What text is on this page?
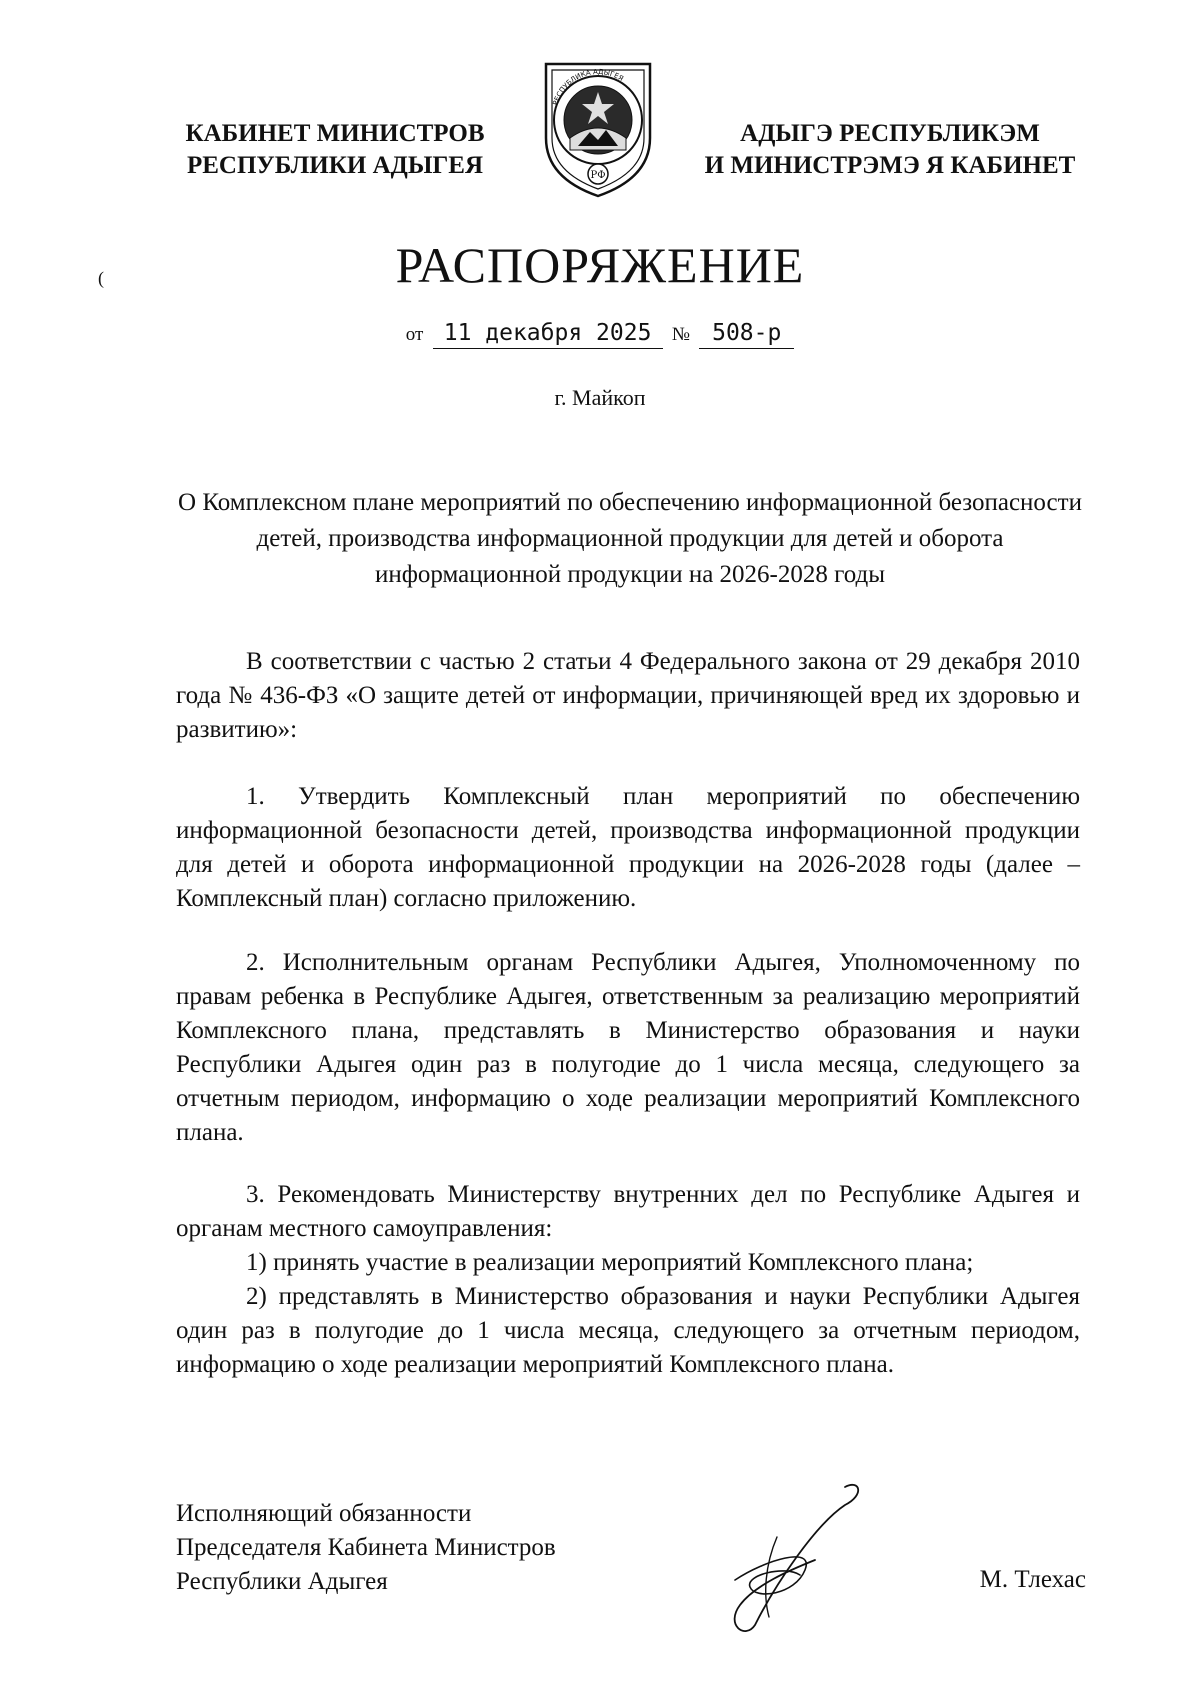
КАБИНЕТ МИНИСТРОВ
РЕСПУБЛИКИ АДЫГЕЯ
РЕСПУБЛИКА АДЫГЕЯ
РФ
АДЫГЭ РЕСПУБЛИКЭМ
И МИНИСТРЭМЭ Я КАБИНЕТ
(	РАСПОРЯЖЕНИЕ
от 11 декабря 2025 № 508-р
г. Майкоп
О Комплексном плане мероприятий по обеспечению информационной безопасности детей, производства информационной продукции для детей и оборота информационной продукции на 2026-2028 годы
В соответствии с частью 2 статьи 4 Федерального закона от 29 декабря 2010 года № 436-ФЗ «О защите детей от информации, причиняющей вред их здоровью и развитию»:
1. Утвердить Комплексный план мероприятий по обеспечению информационной безопасности детей, производства информационной продукции для детей и оборота информационной продукции на 2026-2028 годы (далее – Комплексный план) согласно приложению.
2. Исполнительным органам Республики Адыгея, Уполномоченному по правам ребенка в Республике Адыгея, ответственным за реализацию мероприятий Комплексного плана, представлять в Министерство образования и науки Республики Адыгея один раз в полугодие до 1 числа месяца, следующего за отчетным периодом, информацию о ходе реализации мероприятий Комплексного плана.
3. Рекомендовать Министерству внутренних дел по Республике Адыгея и органам местного самоуправления:
1) принять участие в реализации мероприятий Комплексного плана;
2) представлять в Министерство образования и науки Республики Адыгея один раз в полугодие до 1 числа месяца, следующего за отчетным периодом, информацию о ходе реализации мероприятий Комплексного плана.
Исполняющий обязанности
Председателя Кабинета Министров
Республики Адыгея	М. Тлехас
